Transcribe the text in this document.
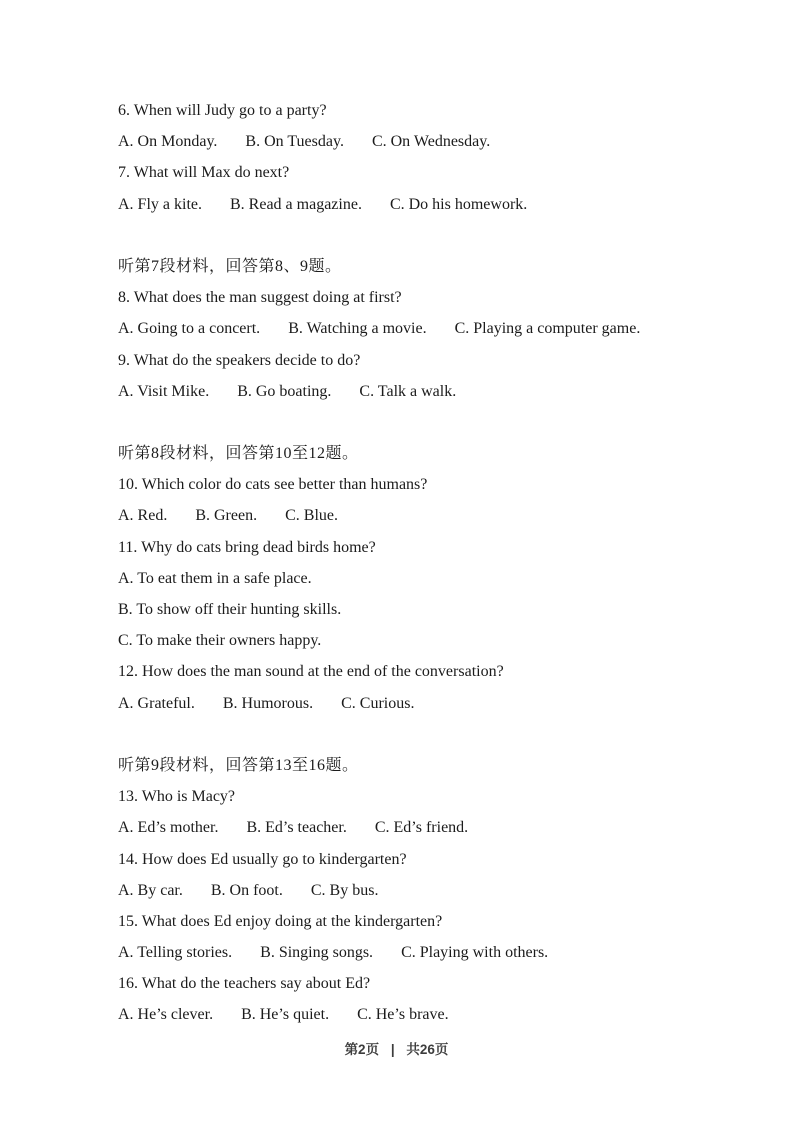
6. When will Judy go to a party?
A. On Monday. B. On Tuesday. C. On Wednesday.
7. What will Max do next?
A. Fly a kite. B. Read a magazine. C. Do his homework.
听第7段材料，回答第8、9题。
8. What does the man suggest doing at first?
A. Going to a concert. B. Watching a movie. C. Playing a computer game.
9. What do the speakers decide to do?
A. Visit Mike. B. Go boating. C. Talk a walk.
听第8段材料，回答第10至12题。
10. Which color do cats see better than humans?
A. Red. B. Green. C. Blue.
11. Why do cats bring dead birds home?
A. To eat them in a safe place.
B. To show off their hunting skills.
C. To make their owners happy.
12. How does the man sound at the end of the conversation?
A. Grateful. B. Humorous. C. Curious.
听第9段材料，回答第13至16题。
13. Who is Macy?
A. Ed’s mother. B. Ed’s teacher. C. Ed’s friend.
14. How does Ed usually go to kindergarten?
A. By car. B. On foot. C. By bus.
15. What does Ed enjoy doing at the kindergarten?
A. Telling stories. B. Singing songs. C. Playing with others.
16. What do the teachers say about Ed?
A. He’s clever. B. He’s quiet. C. He’s brave.
第2页 | 共26页
